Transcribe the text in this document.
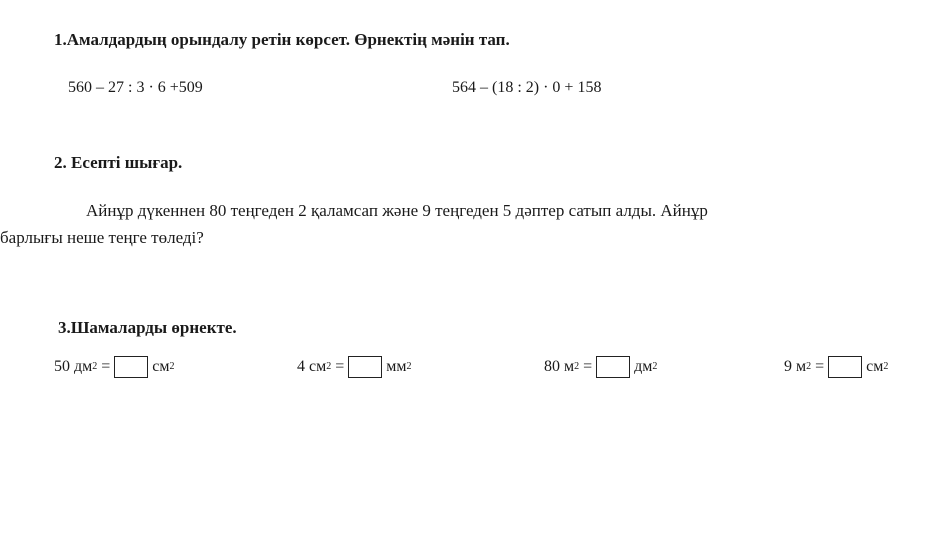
1.Амалдардың орындалу ретін көрсет. Өрнектің мәнін тап.
560 – 27 : 3 · 6 +509	564 – (18 : 2) · 0 + 158
2. Есепті шығар.
Айнұр дүкеннен 80 теңгеден 2 қаламсап және 9 теңгеден 5 дәптер сатып алды. Айнұр
барлығы неше теңге төледі?
3.Шамаларды өрнекте.
50 дм 2 =	см 2	4 см 2 =	мм 2	80 м 2 =	дм 2	9 м 2 =	см 2
